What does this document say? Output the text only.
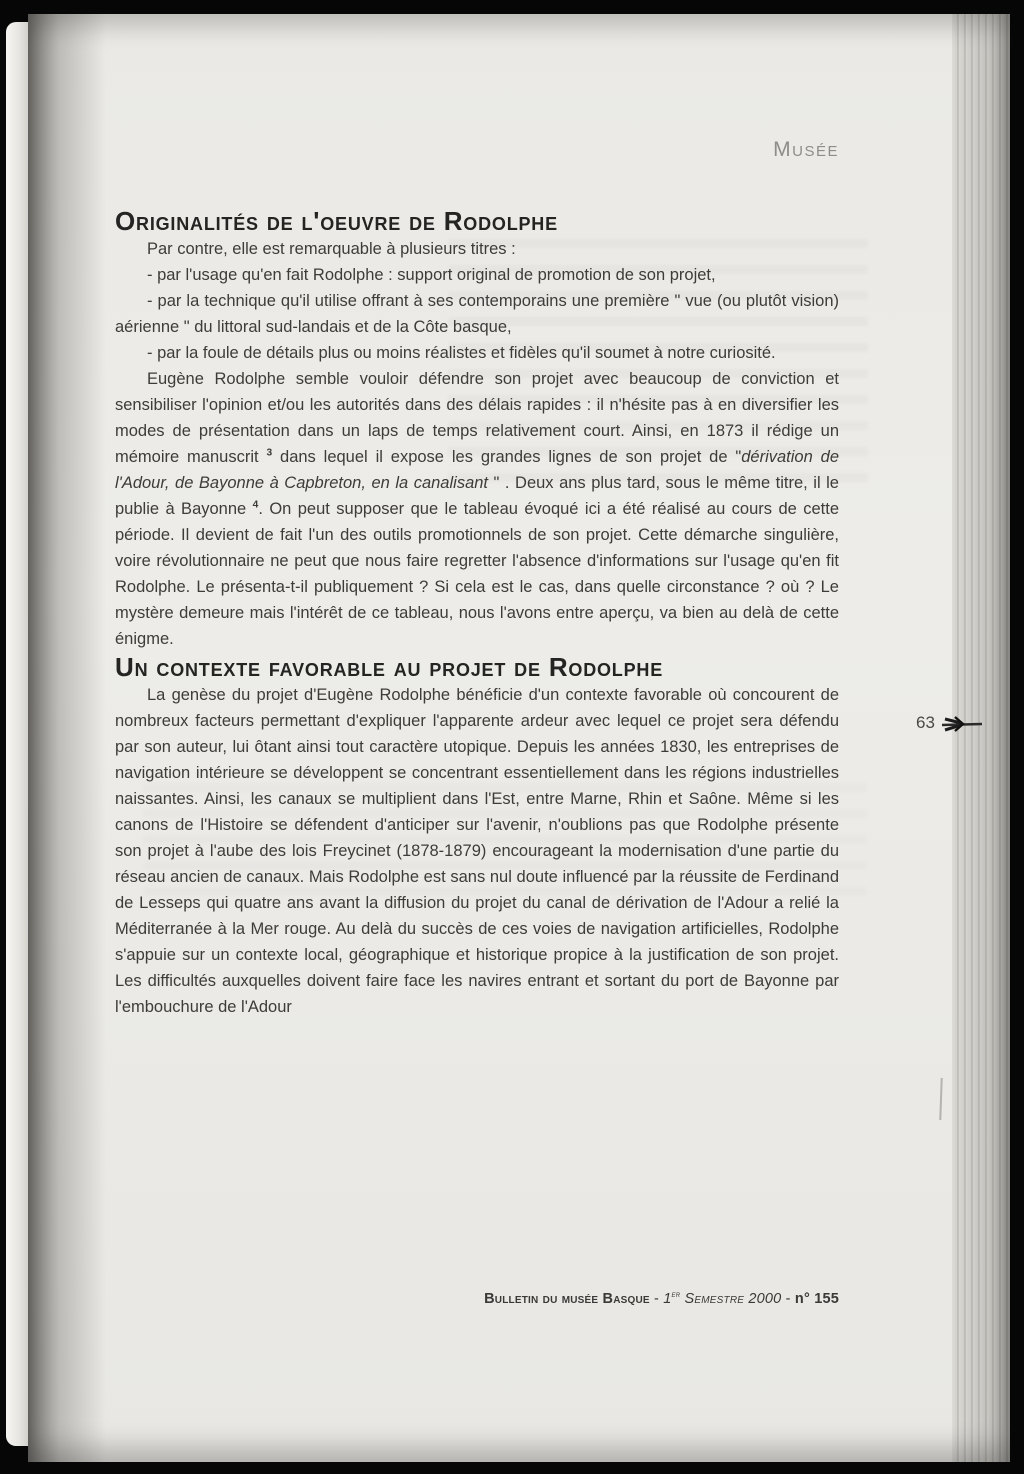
Musée
Originalités de l'oeuvre de Rodolphe

Par contre, elle est remarquable à plusieurs titres :

- par l'usage qu'en fait Rodolphe : support original de promotion de son projet,

- par la technique qu'il utilise offrant à ses contemporains une première " vue (ou plutôt vision) aérienne " du littoral sud-landais et de la Côte basque,

- par la foule de détails plus ou moins réalistes et fidèles qu'il soumet à notre curiosité.

Eugène Rodolphe semble vouloir défendre son projet avec beaucoup de conviction et sensibiliser l'opinion et/ou les autorités dans des délais rapides : il n'hésite pas à en diversifier les modes de présentation dans un laps de temps relativement court. Ainsi, en 1873 il rédige un mémoire manuscrit $^3$ dans lequel il expose les grandes lignes de son projet de "dérivation de l'Adour, de Bayonne à Capbreton, en la canalisant " . Deux ans plus tard, sous le même titre, il le publie à Bayonne $^4$. On peut supposer que le tableau évoqué ici a été réalisé au cours de cette période. Il devient de fait l'un des outils promotionnels de son projet. Cette démarche singulière, voire révolutionnaire ne peut que nous faire regretter l'absence d'informations sur l'usage qu'en fit Rodolphe. Le présenta-t-il publiquement ? Si cela est le cas, dans quelle circonstance ? où ? Le mystère demeure mais l'intérêt de ce tableau, nous l'avons entre aperçu, va bien au delà de cette énigme.

Un contexte favorable au projet de Rodolphe

La genèse du projet d'Eugène Rodolphe bénéficie d'un contexte favorable où concourent de nombreux facteurs permettant d'expliquer l'apparente ardeur avec lequel ce projet sera défendu par son auteur, lui ôtant ainsi tout caractère utopique. Depuis les années 1830, les entreprises de navigation intérieure se développent se concentrant essentiellement dans les régions industrielles naissantes. Ainsi, les canaux se multiplient dans l'Est, entre Marne, Rhin et Saône. Même si les canons de l'Histoire se défendent d'anticiper sur l'avenir, n'oublions pas que Rodolphe présente son projet à l'aube des lois Freycinet (1878-1879) encourageant la modernisation d'une partie du réseau ancien de canaux. Mais Rodolphe est sans nul doute influencé par la réussite de Ferdinand de Lesseps qui quatre ans avant la diffusion du projet du canal de dérivation de l'Adour a relié la Méditerranée à la Mer rouge. Au delà du succès de ces voies de navigation artificielles, Rodolphe s'appuie sur un contexte local, géographique et historique propice à la justification de son projet. Les difficultés auxquelles doivent faire face les navires entrant et sortant du port de Bayonne par l'embouchure de l'Adour

63
Bulletin du musée Basque - 1er Semestre 2000 - n° 155
